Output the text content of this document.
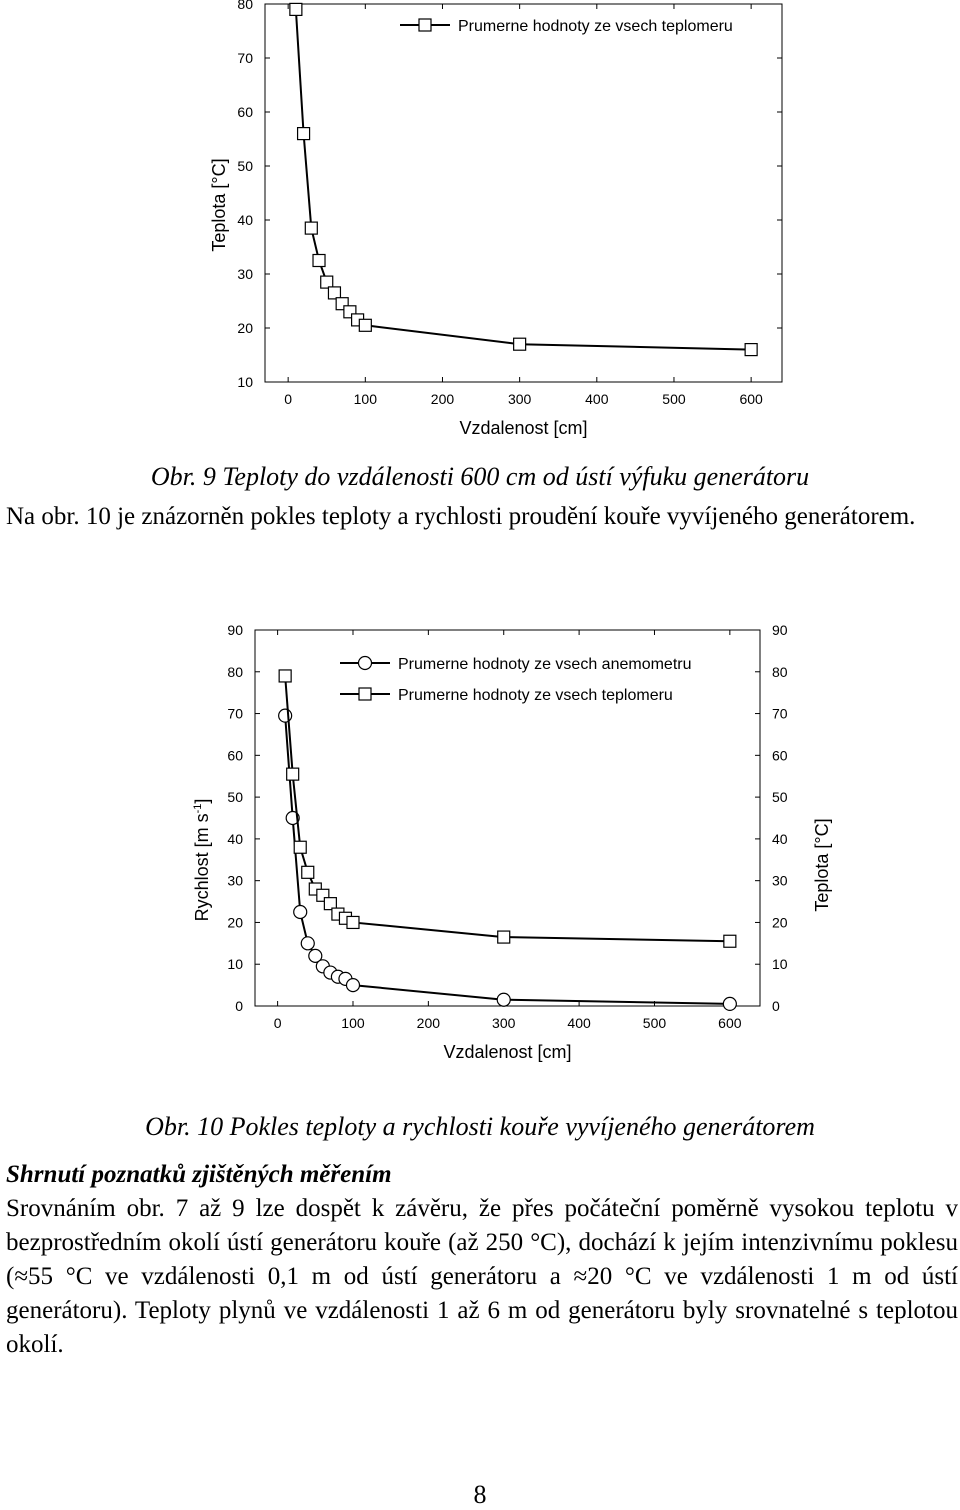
0	100	200	300	400	500	600
Vzdalenost [cm]
10
20
30
40
50
60
70
80
Prumerne hodnoty ze vsech teplomeru
Teplota [°C]

Obr. 9 Teploty do vzdálenosti 600 cm od ústí výfuku generátoru

Na obr. 10 je znázorněn pokles teploty a rychlosti proudění kouře vyvíjeného generátorem.

0	100	200	300	400	500	600
Vzdalenost [cm]
0	0
10	10
20	20
30	30
40	40
50	50
60	60
70	70
80	80
90	90
Prumerne hodnoty ze vsech anemometru
Prumerne hodnoty ze vsech teplomeru
Rychlost [m $s^{-1}$]
Teplota [°C]

Obr. 10 Pokles teploty a rychlosti kouře vyvíjeného generátorem

Shrnutí poznatků zjištěných měřením

Srovnáním obr. 7 až 9 lze dospět k závěru, že přes počáteční poměrně vysokou teplotu v bezprostředním okolí ústí generátoru kouře (až 250 °C), dochází k jejím intenzivnímu poklesu (≈55 °C ve vzdálenosti 0,1 m od ústí generátoru a ≈20 °C ve vzdálenosti 1 m od ústí generátoru). Teploty plynů ve vzdálenosti 1 až 6 m od generátoru byly srovnatelné s teplotou okolí.

8
